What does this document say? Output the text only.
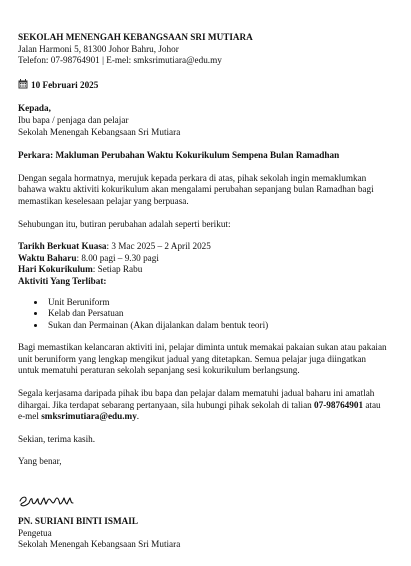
SEKOLAH MENENGAH KEBANGSAAN SRI MUTIARA

Jalan Harmoni 5, 81300 Johor Bahru, Johor

Telefon: 07-98764901 | E-mel: smksrimutiara@edu.my

10 Februari 2025

Kepada,

Ibu bapa / penjaga dan pelajar

Sekolah Menengah Kebangsaan Sri Mutiara

Perkara: Makluman Perubahan Waktu Kokurikulum Sempena Bulan Ramadhan

Dengan segala hormatnya, merujuk kepada perkara di atas, pihak sekolah ingin memaklumkan bahawa waktu aktiviti kokurikulum akan mengalami perubahan sepanjang bulan Ramadhan bagi memastikan keselesaan pelajar yang berpuasa.

Sehubungan itu, butiran perubahan adalah seperti berikut:

Tarikh Berkuat Kuasa: 3 Mac 2025 – 2 April 2025

Waktu Baharu: 8.00 pagi – 9.30 pagi

Hari Kokurikulum: Setiap Rabu

Aktiviti Yang Terlibat:

• Unit Beruniform
• Kelab dan Persatuan
• Sukan dan Permainan (Akan dijalankan dalam bentuk teori)

Bagi memastikan kelancaran aktiviti ini, pelajar diminta untuk memakai pakaian sukan atau pakaian unit beruniform yang lengkap mengikut jadual yang ditetapkan. Semua pelajar juga diingatkan untuk mematuhi peraturan sekolah sepanjang sesi kokurikulum berlangsung.

Segala kerjasama daripada pihak ibu bapa dan pelajar dalam mematuhi jadual baharu ini amatlah dihargai. Jika terdapat sebarang pertanyaan, sila hubungi pihak sekolah di talian 07-98764901 atau e-mel smksrimutiara@edu.my.

Sekian, terima kasih.

Yang benar,

PN. SURIANI BINTI ISMAIL

Pengetua

Sekolah Menengah Kebangsaan Sri Mutiara
